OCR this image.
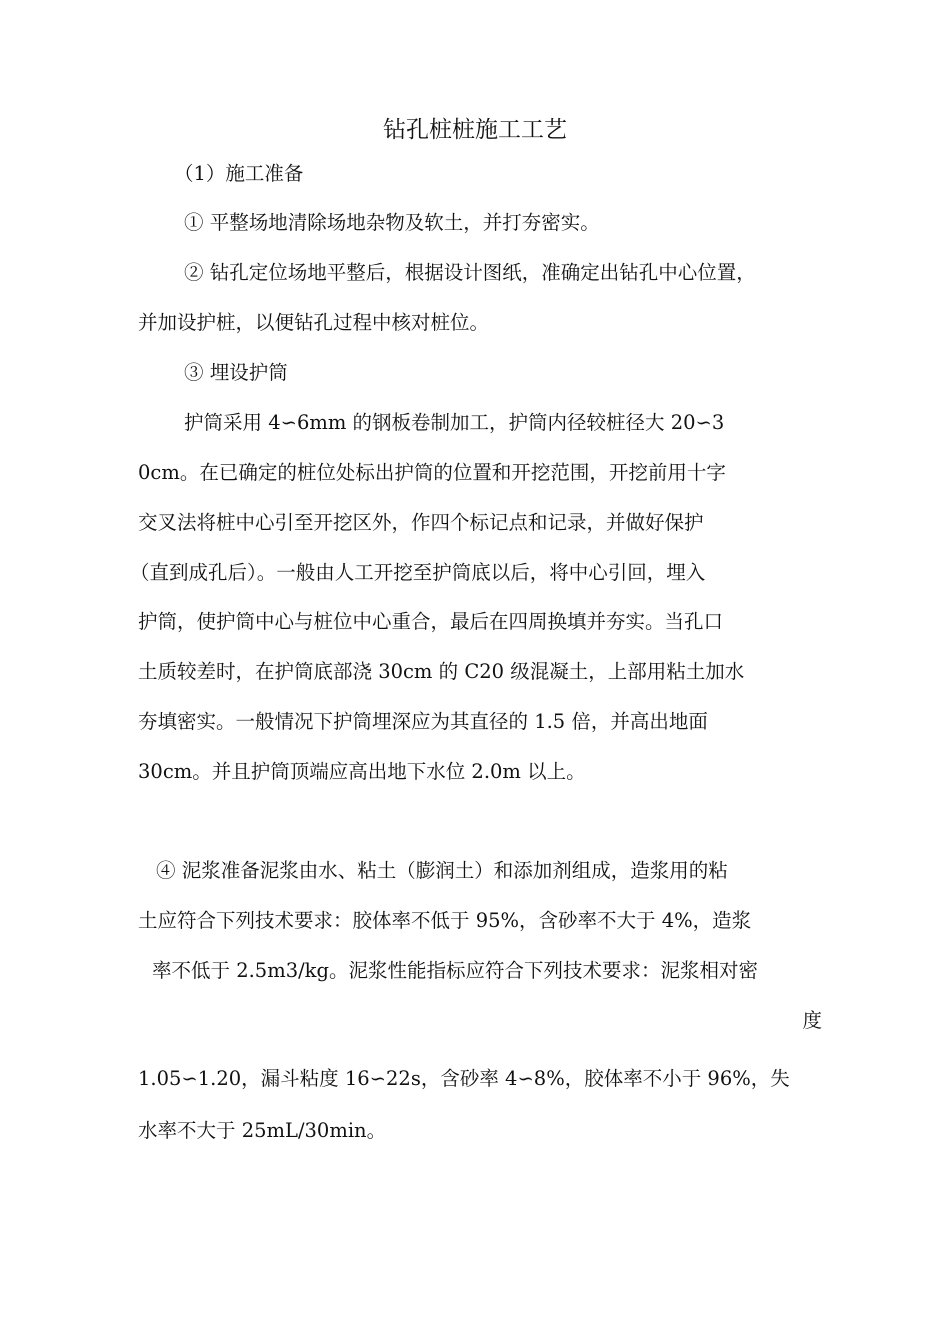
钻孔桩桩施工工艺
（1）施工准备
① 平整场地清除场地杂物及软土，并打夯密实。
② 钻孔定位场地平整后，根据设计图纸，准确定出钻孔中心位置，
并加设护桩，以便钻孔过程中核对桩位。
③ 埋设护筒
护筒采用 4∽6mm 的钢板卷制加工，护筒内径较桩径大 20∽3
0cm。在已确定的桩位处标出护筒的位置和开挖范围，开挖前用十字
交叉法将桩中心引至开挖区外，作四个标记点和记录，并做好保护
（直到成孔后）。一般由人工开挖至护筒底以后，将中心引回，埋入
护筒，使护筒中心与桩位中心重合，最后在四周换填并夯实。当孔口
土质较差时，在护筒底部浇 30cm 的 C20 级混凝土，上部用粘土加水
夯填密实。一般情况下护筒埋深应为其直径的 1.5 倍，并高出地面
30cm。并且护筒顶端应高出地下水位 2.0m 以上。
④ 泥浆准备泥浆由水、粘土（膨润土）和添加剂组成，造浆用的粘
土应符合下列技术要求：胶体率不低于 95%，含砂率不大于 4%，造浆
率不低于 2.5m3/kg。泥浆性能指标应符合下列技术要求：泥浆相对密
度
1.05∽1.20，漏斗粘度 16∽22s，含砂率 4∽8%，胶体率不小于 96%，失
水率不大于 25mL/30min。
